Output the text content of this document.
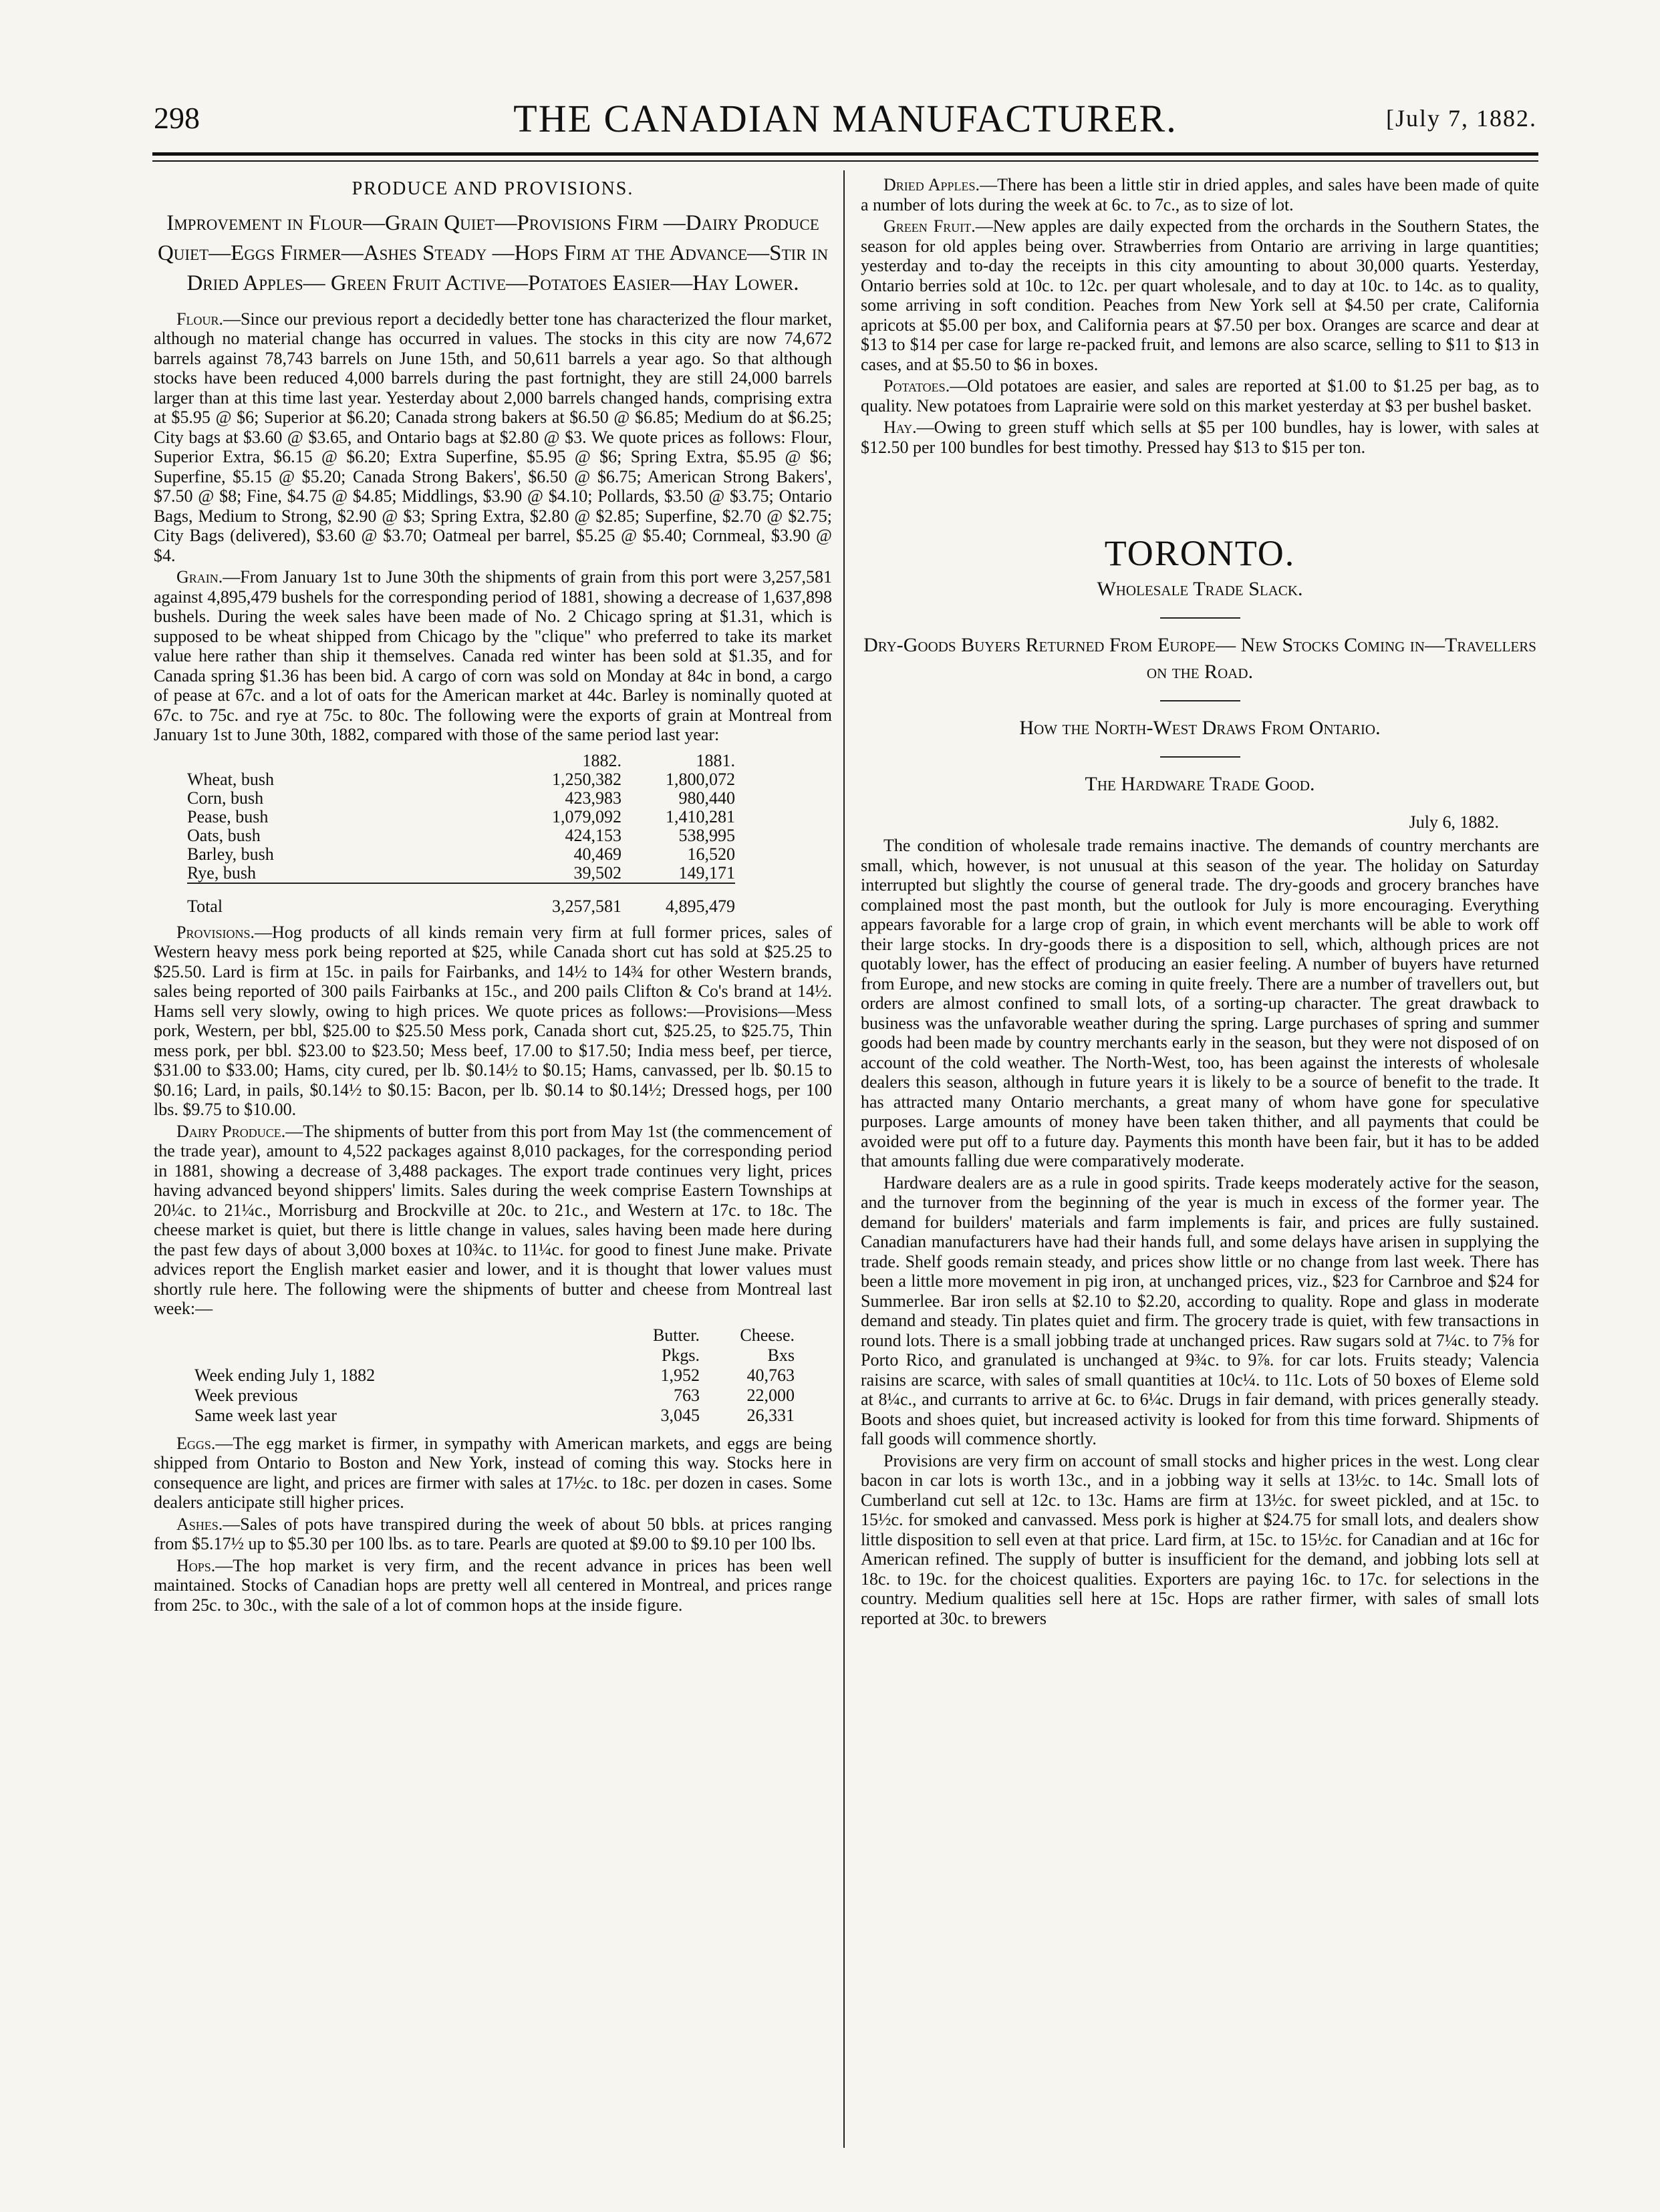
298	THE CANADIAN MANUFACTURER.	[July 7, 1882.
PRODUCE AND PROVISIONS.
Improvement in Flour—Grain Quiet—Provisions Firm —Dairy Produce Quiet—Eggs Firmer—Ashes Steady —Hops Firm at the Advance—Stir in Dried Apples— Green Fruit Active—Potatoes Easier—Hay Lower.

Flour.—Since our previous report a decidedly better tone has characterized the flour market, although no material change has occurred in values. The stocks in this city are now 74,672 barrels against 78,743 barrels on June 15th, and 50,611 barrels a year ago. So that although stocks have been reduced 4,000 barrels during the past fortnight, they are still 24,000 barrels larger than at this time last year. Yesterday about 2,000 barrels changed hands, comprising extra at $5.95 @ $6; Superior at $6.20; Canada strong bakers at $6.50 @ $6.85; Medium do at $6.25; City bags at $3.60 @ $3.65, and Ontario bags at $2.80 @ $3. We quote prices as follows: Flour, Superior Extra, $6.15 @ $6.20; Extra Superfine, $5.95 @ $6; Spring Extra, $5.95 @ $6; Superfine, $5.15 @ $5.20; Canada Strong Bakers', $6.50 @ $6.75; American Strong Bakers', $7.50 @ $8; Fine, $4.75 @ $4.85; Middlings, $3.90 @ $4.10; Pollards, $3.50 @ $3.75; Ontario Bags, Medium to Strong, $2.90 @ $3; Spring Extra, $2.80 @ $2.85; Superfine, $2.70 @ $2.75; City Bags (delivered), $3.60 @ $3.70; Oatmeal per barrel, $5.25 @ $5.40; Cornmeal, $3.90 @ $4.

Grain.—From January 1st to June 30th the shipments of grain from this port were 3,257,581 against 4,895,479 bushels for the corresponding period of 1881, showing a decrease of 1,637,898 bushels. During the week sales have been made of No. 2 Chicago spring at $1.31, which is supposed to be wheat shipped from Chicago by the "clique" who preferred to take its market value here rather than ship it themselves. Canada red winter has been sold at $1.35, and for Canada spring $1.36 has been bid. A cargo of corn was sold on Monday at 84c in bond, a cargo of pease at 67c. and a lot of oats for the American market at 44c. Barley is nominally quoted at 67c. to 75c. and rye at 75c. to 80c. The following were the exports of grain at Montreal from January 1st to June 30th, 1882, compared with those of the same period last year:

	1882.	1881.
Wheat, bush	1,250,382	1,800,072
Corn, bush	423,983	980,440
Pease, bush	1,079,092	1,410,281
Oats, bush	424,153	538,995
Barley, bush	40,469	16,520
Rye, bush	39,502	149,171

Total	3,257,581	4,895,479

Provisions.—Hog products of all kinds remain very firm at full former prices, sales of Western heavy mess pork being reported at $25, while Canada short cut has sold at $25.25 to $25.50. Lard is firm at 15c. in pails for Fairbanks, and 14½ to 14¾ for other Western brands, sales being reported of 300 pails Fairbanks at 15c., and 200 pails Clifton & Co's brand at 14½. Hams sell very slowly, owing to high prices. We quote prices as follows:—Provisions—Mess pork, Western, per bbl, $25.00 to $25.50 Mess pork, Canada short cut, $25.25, to $25.75, Thin mess pork, per bbl. $23.00 to $23.50; Mess beef, 17.00 to $17.50; India mess beef, per tierce, $31.00 to $33.00; Hams, city cured, per lb. $0.14½ to $0.15; Hams, canvassed, per lb. $0.15 to $0.16; Lard, in pails, $0.14½ to $0.15: Bacon, per lb. $0.14 to $0.14½; Dressed hogs, per 100 lbs. $9.75 to $10.00.

Dairy Produce.—The shipments of butter from this port from May 1st (the commencement of the trade year), amount to 4,522 packages against 8,010 packages, for the corresponding period in 1881, showing a decrease of 3,488 packages. The export trade continues very light, prices having advanced beyond shippers' limits. Sales during the week comprise Eastern Townships at 20¼c. to 21¼c., Morrisburg and Brockville at 20c. to 21c., and Western at 17c. to 18c. The cheese market is quiet, but there is little change in values, sales having been made here during the past few days of about 3,000 boxes at 10¾c. to 11¼c. for good to finest June make. Private advices report the English market easier and lower, and it is thought that lower values must shortly rule here. The following were the shipments of butter and cheese from Montreal last week:—

	Butter.	Cheese.
	Pkgs.	Bxs
Week ending July 1, 1882	1,952	40,763
Week previous	763	22,000
Same week last year	3,045	26,331

Eggs.—The egg market is firmer, in sympathy with American markets, and eggs are being shipped from Ontario to Boston and New York, instead of coming this way. Stocks here in consequence are light, and prices are firmer with sales at 17½c. to 18c. per dozen in cases. Some dealers anticipate still higher prices.

Ashes.—Sales of pots have transpired during the week of about 50 bbls. at prices ranging from $5.17½ up to $5.30 per 100 lbs. as to tare. Pearls are quoted at $9.00 to $9.10 per 100 lbs.

Hops.—The hop market is very firm, and the recent advance in prices has been well maintained. Stocks of Canadian hops are pretty well all centered in Montreal, and prices range from 25c. to 30c., with the sale of a lot of common hops at the inside figure.

Dried Apples.—There has been a little stir in dried apples, and sales have been made of quite a number of lots during the week at 6c. to 7c., as to size of lot.

Green Fruit.—New apples are daily expected from the orchards in the Southern States, the season for old apples being over. Strawberries from Ontario are arriving in large quantities; yesterday and to-day the receipts in this city amounting to about 30,000 quarts. Yesterday, Ontario berries sold at 10c. to 12c. per quart wholesale, and to day at 10c. to 14c. as to quality, some arriving in soft condition. Peaches from New York sell at $4.50 per crate, California apricots at $5.00 per box, and California pears at $7.50 per box. Oranges are scarce and dear at $13 to $14 per case for large re-packed fruit, and lemons are also scarce, selling to $11 to $13 in cases, and at $5.50 to $6 in boxes.

Potatoes.—Old potatoes are easier, and sales are reported at $1.00 to $1.25 per bag, as to quality. New potatoes from Laprairie were sold on this market yesterday at $3 per bushel basket.

Hay.—Owing to green stuff which sells at $5 per 100 bundles, hay is lower, with sales at $12.50 per 100 bundles for best timothy. Pressed hay $13 to $15 per ton.

TORONTO.
Wholesale Trade Slack.
Dry-Goods Buyers Returned From Europe— New Stocks Coming in—Travellers on the Road.
How the North-West Draws From Ontario.
The Hardware Trade Good.

July 6, 1882.

The condition of wholesale trade remains inactive. The demands of country merchants are small, which, however, is not unusual at this season of the year. The holiday on Saturday interrupted but slightly the course of general trade. The dry-goods and grocery branches have complained most the past month, but the outlook for July is more encouraging. Everything appears favorable for a large crop of grain, in which event merchants will be able to work off their large stocks. In dry-goods there is a disposition to sell, which, although prices are not quotably lower, has the effect of producing an easier feeling. A number of buyers have returned from Europe, and new stocks are coming in quite freely. There are a number of travellers out, but orders are almost confined to small lots, of a sorting-up character. The great drawback to business was the unfavorable weather during the spring. Large purchases of spring and summer goods had been made by country merchants early in the season, but they were not disposed of on account of the cold weather. The North-West, too, has been against the interests of wholesale dealers this season, although in future years it is likely to be a source of benefit to the trade. It has attracted many Ontario merchants, a great many of whom have gone for speculative purposes. Large amounts of money have been taken thither, and all payments that could be avoided were put off to a future day. Payments this month have been fair, but it has to be added that amounts falling due were comparatively moderate.

Hardware dealers are as a rule in good spirits. Trade keeps moderately active for the season, and the turnover from the beginning of the year is much in excess of the former year. The demand for builders' materials and farm implements is fair, and prices are fully sustained. Canadian manufacturers have had their hands full, and some delays have arisen in supplying the trade. Shelf goods remain steady, and prices show little or no change from last week. There has been a little more movement in pig iron, at unchanged prices, viz., $23 for Carnbroe and $24 for Summerlee. Bar iron sells at $2.10 to $2.20, according to quality. Rope and glass in moderate demand and steady. Tin plates quiet and firm. The grocery trade is quiet, with few transactions in round lots. There is a small jobbing trade at unchanged prices. Raw sugars sold at 7¼c. to 7⅝ for Porto Rico, and granulated is unchanged at 9¾c. to 9⅞. for car lots. Fruits steady; Valencia raisins are scarce, with sales of small quantities at 10c¼. to 11c. Lots of 50 boxes of Eleme sold at 8¼c., and currants to arrive at 6c. to 6¼c. Drugs in fair demand, with prices generally steady. Boots and shoes quiet, but increased activity is looked for from this time forward. Shipments of fall goods will commence shortly.

Provisions are very firm on account of small stocks and higher prices in the west. Long clear bacon in car lots is worth 13c., and in a jobbing way it sells at 13½c. to 14c. Small lots of Cumberland cut sell at 12c. to 13c. Hams are firm at 13½c. for sweet pickled, and at 15c. to 15½c. for smoked and canvassed. Mess pork is higher at $24.75 for small lots, and dealers show little disposition to sell even at that price. Lard firm, at 15c. to 15½c. for Canadian and at 16c for American refined. The supply of butter is insufficient for the demand, and jobbing lots sell at 18c. to 19c. for the choicest qualities. Exporters are paying 16c. to 17c. for selections in the country. Medium qualities sell here at 15c. Hops are rather firmer, with sales of small lots reported at 30c. to brewers
